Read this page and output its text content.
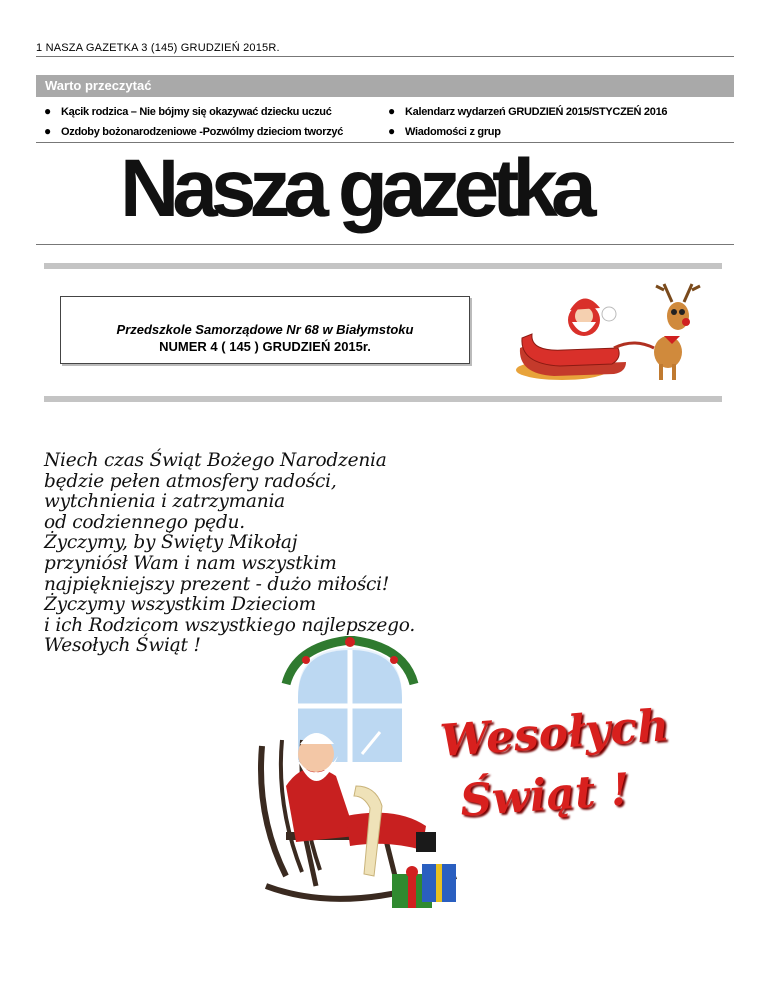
1 NASZA GAZETKA 3 (145) GRUDZIEŃ 2015R.
Warto przeczytać
● Kącik rodzica – Nie bójmy się okazywać dziecku uczuć
● Ozdoby bożonarodzeniowe -Pozwólmy dzieciom tworzyć
● Kalendarz wydarzeń GRUDZIEŃ 2015/STYCZEŃ 2016
● Wiadomości z grup
Nasza gazetka
Przedszkole Samorządowe Nr 68 w Białymstoku
NUMER 4 ( 145 ) GRUDZIEŃ 2015r.
Niech czas Świąt Bożego Narodzenia
będzie pełen atmosfery radości,
wytchnienia i zatrzymania
od codziennego pędu.
Życzymy, by Święty Mikołaj
przyniósł Wam i nam wszystkim
najpiękniejszy prezent - dużo miłości!
Życzymy wszystkim Dzieciom
i ich Rodzicom wszystkiego najlepszego.
Wesołych Świąt !
Wesołych
Świąt !
